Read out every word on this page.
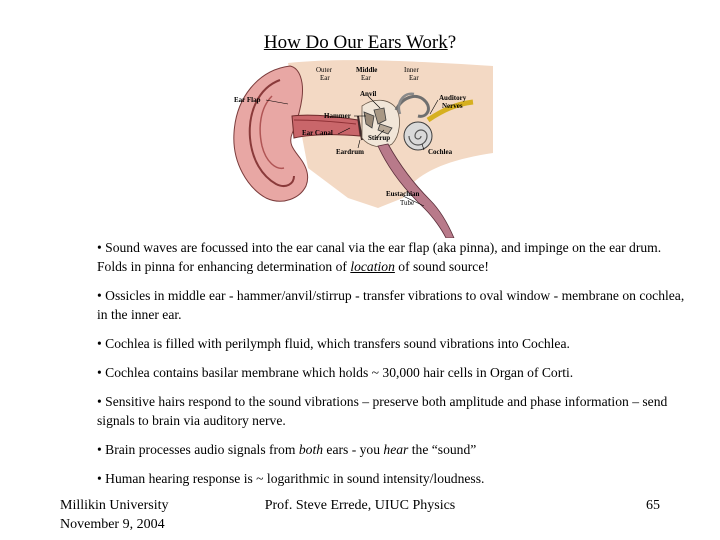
How Do Our Ears Work?
Outer
Ear
Middle
Ear
Inner
Ear
Ear Flap
Anvil	Auditory
Nerves
Hammer
Ear Canal
Stirrup
Eardrum	Cochlea
Eustachian
Tube
• Sound waves are focussed into the ear canal via the ear flap (aka pinna), and impinge on the ear drum. Folds in pinna for enhancing determination of location of sound source!
• Ossicles in middle ear - hammer/anvil/stirrup - transfer vibrations to oval window - membrane on cochlea, in the inner ear.
• Cochlea is filled with perilymph fluid, which transfers sound vibrations into Cochlea.
• Cochlea contains basilar membrane which holds ~ 30,000 hair cells in Organ of Corti.
• Sensitive hairs respond to the sound vibrations – preserve both amplitude and phase information – send signals to brain via auditory nerve.
• Brain processes audio signals from both ears - you hear the “sound”
• Human hearing response is ~ logarithmic in sound intensity/loudness.
Millikin University
November 9, 2004
Prof. Steve Errede, UIUC Physics	65
